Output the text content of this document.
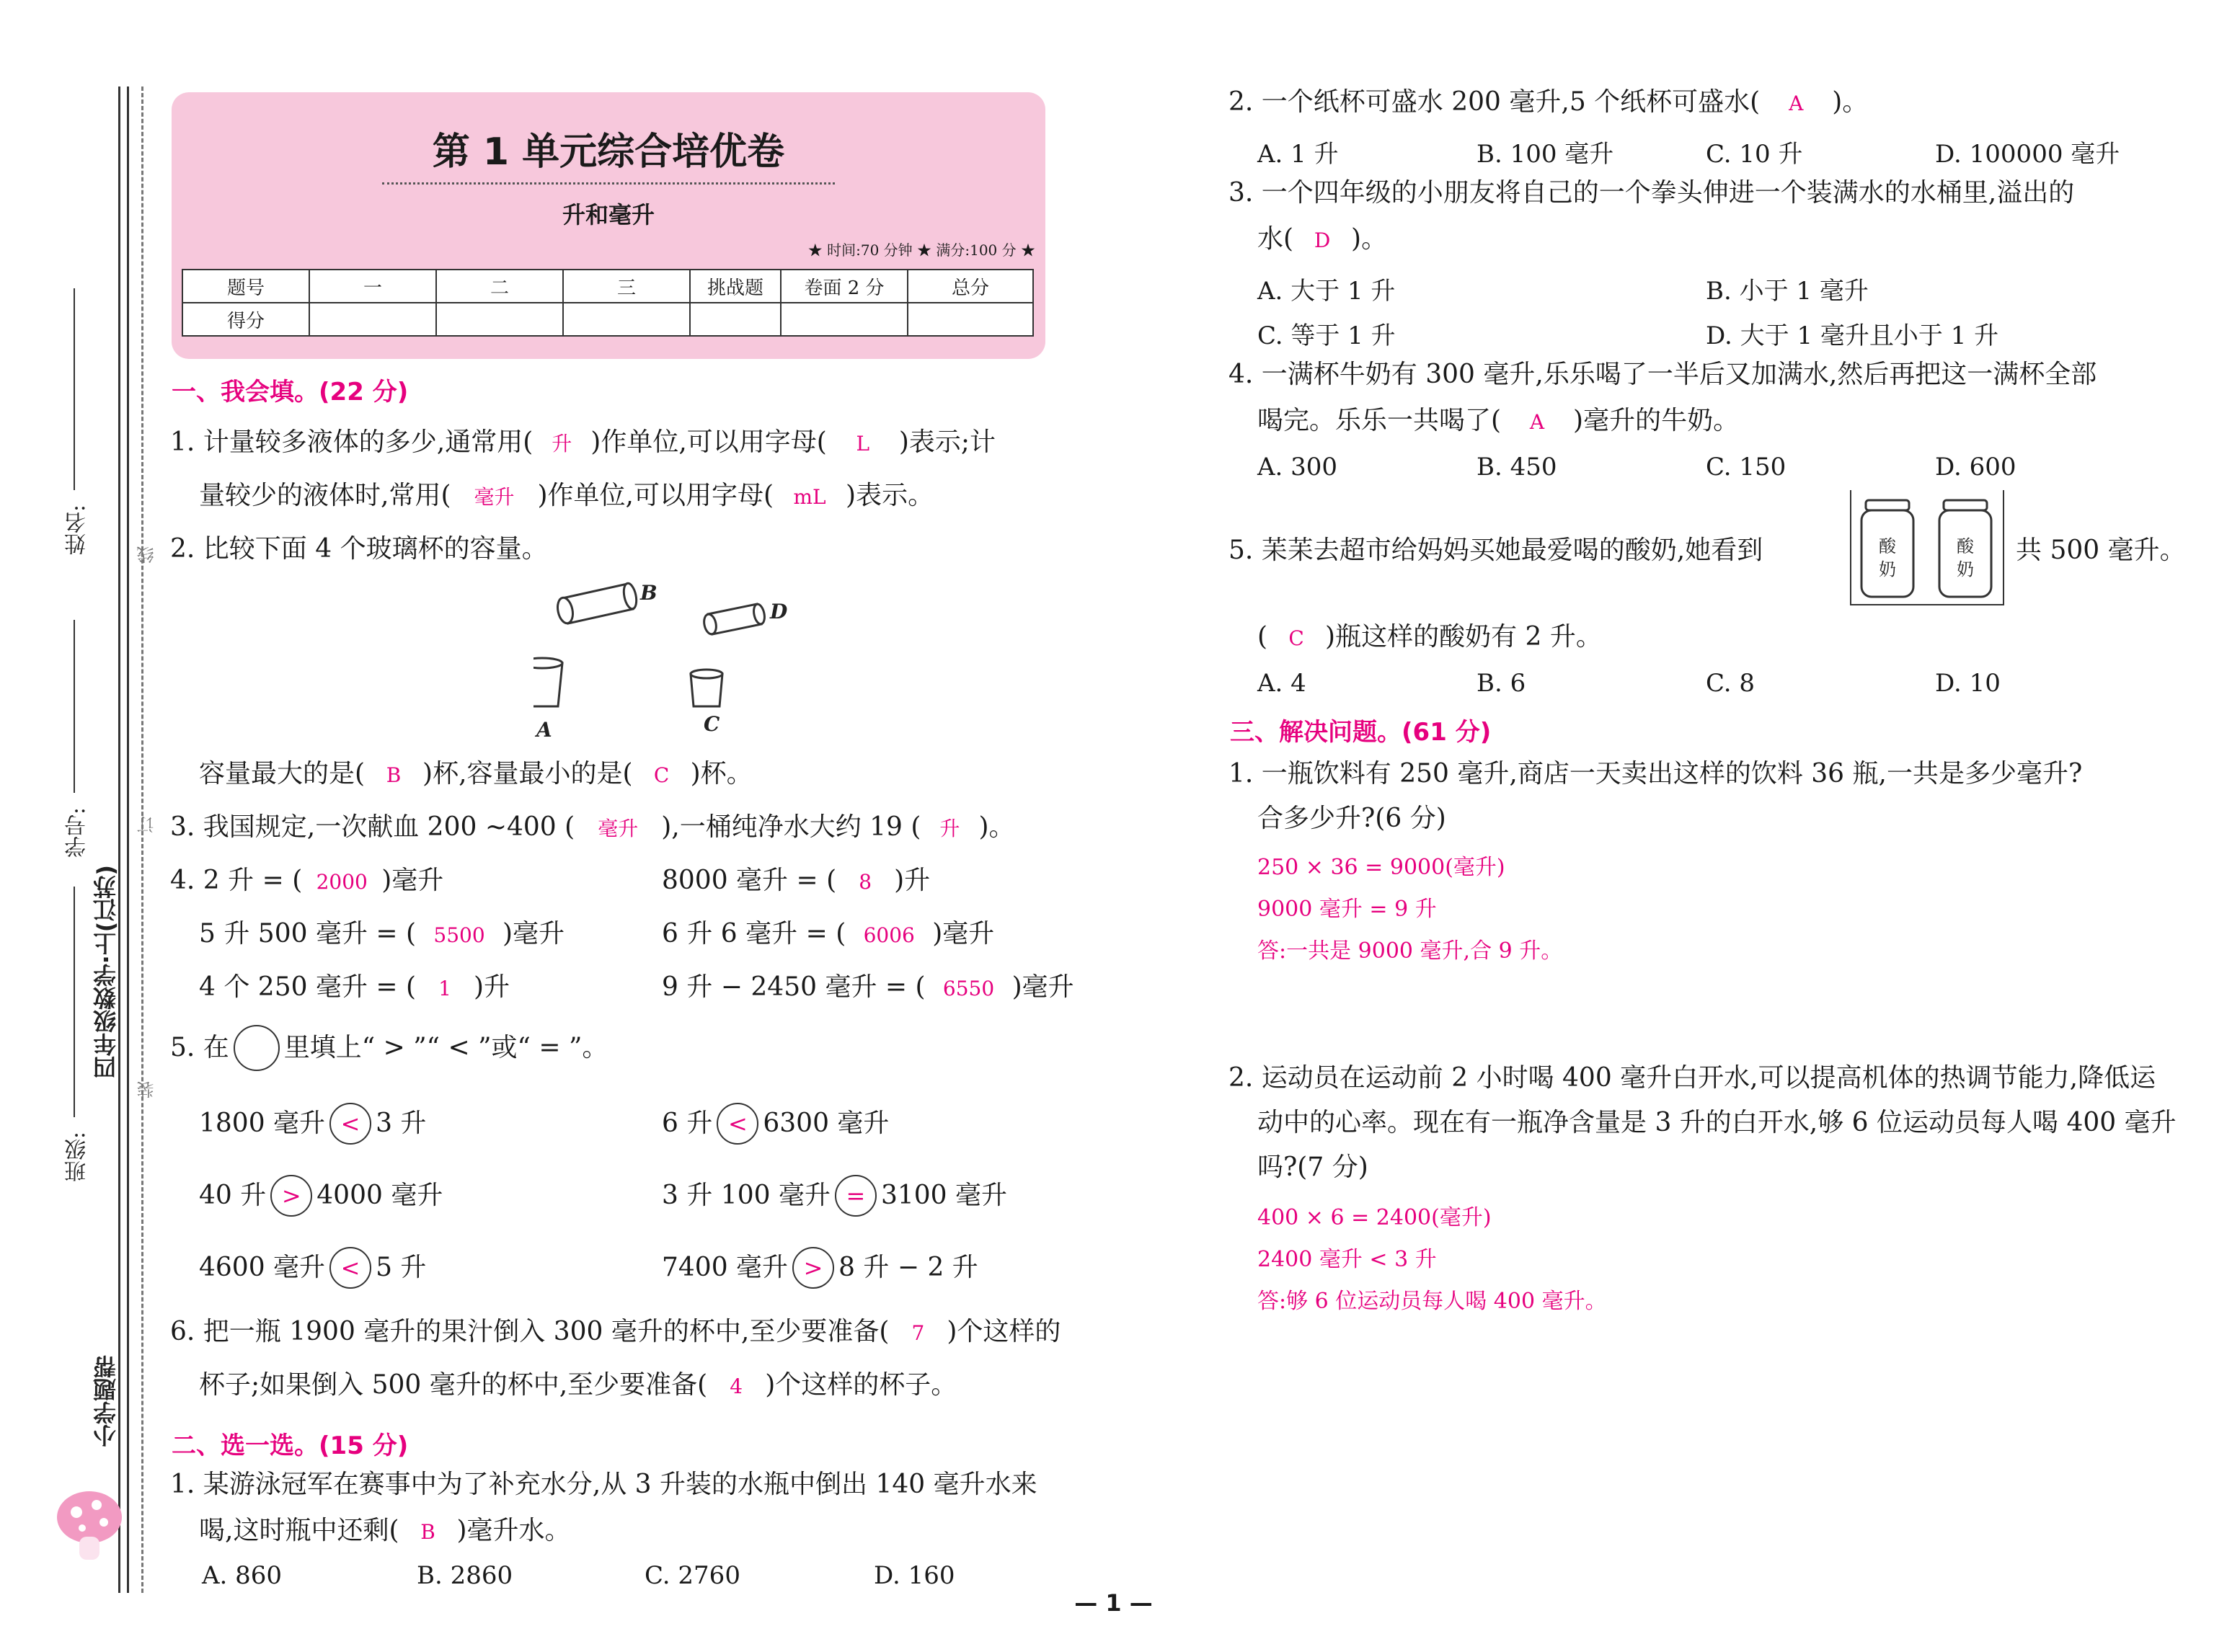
姓名:
学号:
四年级数学·上(江苏)
班级:
小学题帮
线
订
装
第 1 单元综合培优卷
升和毫升
★ 时间:70 分钟 ★ 满分:100 分 ★
题号	一	二	三	挑战题	卷面 2 分	总分
得分						
一、我会填。(22 分)
1. 计量较多液体的多少,通常用( 升 )作单位,可以用字母( L )表示;计
量较少的液体时,常用( 毫升 )作单位,可以用字母( mL )表示。
2. 比较下面 4 个玻璃杯的容量。
B
D
A	C
容量最大的是( B )杯,容量最小的是( C )杯。
3. 我国规定,一次献血 200 ~400 ( 毫升 ),一桶纯净水大约 19 ( 升 )。
4. 2 升 = ( 2000 )毫升	8000 毫升 = ( 8 )升
5 升 500 毫升 = ( 5500 )毫升	6 升 6 毫升 = ( 6006 )毫升
4 个 250 毫升 = ( 1 )升	9 升 − 2450 毫升 = ( 6550 )毫升
5. 在 里填上“ > ”“ < ”或“ = ”。
1800 毫升 < 3 升	6 升 < 6300 毫升
40 升 > 4000 毫升	3 升 100 毫升 = 3100 毫升
4600 毫升 < 5 升	7400 毫升 > 8 升 − 2 升
6. 把一瓶 1900 毫升的果汁倒入 300 毫升的杯中,至少要准备( 7 )个这样的
杯子;如果倒入 500 毫升的杯中,至少要准备( 4 )个这样的杯子。
二、选一选。(15 分)
1. 某游泳冠军在赛事中为了补充水分,从 3 升装的水瓶中倒出 140 毫升水来
喝,这时瓶中还剩( B )毫升水。
A. 860	B. 2860	C. 2760	D. 160
2. 一个纸杯可盛水 200 毫升,5 个纸杯可盛水( A )。
A. 1 升	B. 100 毫升	C. 10 升	D. 100000 毫升
3. 一个四年级的小朋友将自己的一个拳头伸进一个装满水的水桶里,溢出的
水( D )。
A. 大于 1 升	B. 小于 1 毫升
C. 等于 1 升	D. 大于 1 毫升且小于 1 升
4. 一满杯牛奶有 300 毫升,乐乐喝了一半后又加满水,然后再把这一满杯全部
喝完。乐乐一共喝了( A )毫升的牛奶。
A. 300	B. 450	C. 150	D. 600
5. 苿苿去超市给妈妈买她最爱喝的酸奶,她看到	酸
奶
酸
奶
共 500 毫升。
( C )瓶这样的酸奶有 2 升。
A. 4	B. 6	C. 8	D. 10
三、解决问题。(61 分)
1. 一瓶饮料有 250 毫升,商店一天卖出这样的饮料 36 瓶,一共是多少毫升?
合多少升?(6 分)
250 × 36 = 9000(毫升)
9000 毫升 = 9 升
答:一共是 9000 毫升,合 9 升。
2. 运动员在运动前 2 小时喝 400 毫升白开水,可以提高机体的热调节能力,降低运
动中的心率。现在有一瓶净含量是 3 升的白开水,够 6 位运动员每人喝 400 毫升
吗?(7 分)
400 × 6 = 2400(毫升)
2400 毫升 < 3 升
答:够 6 位运动员每人喝 400 毫升。
— 1 —
